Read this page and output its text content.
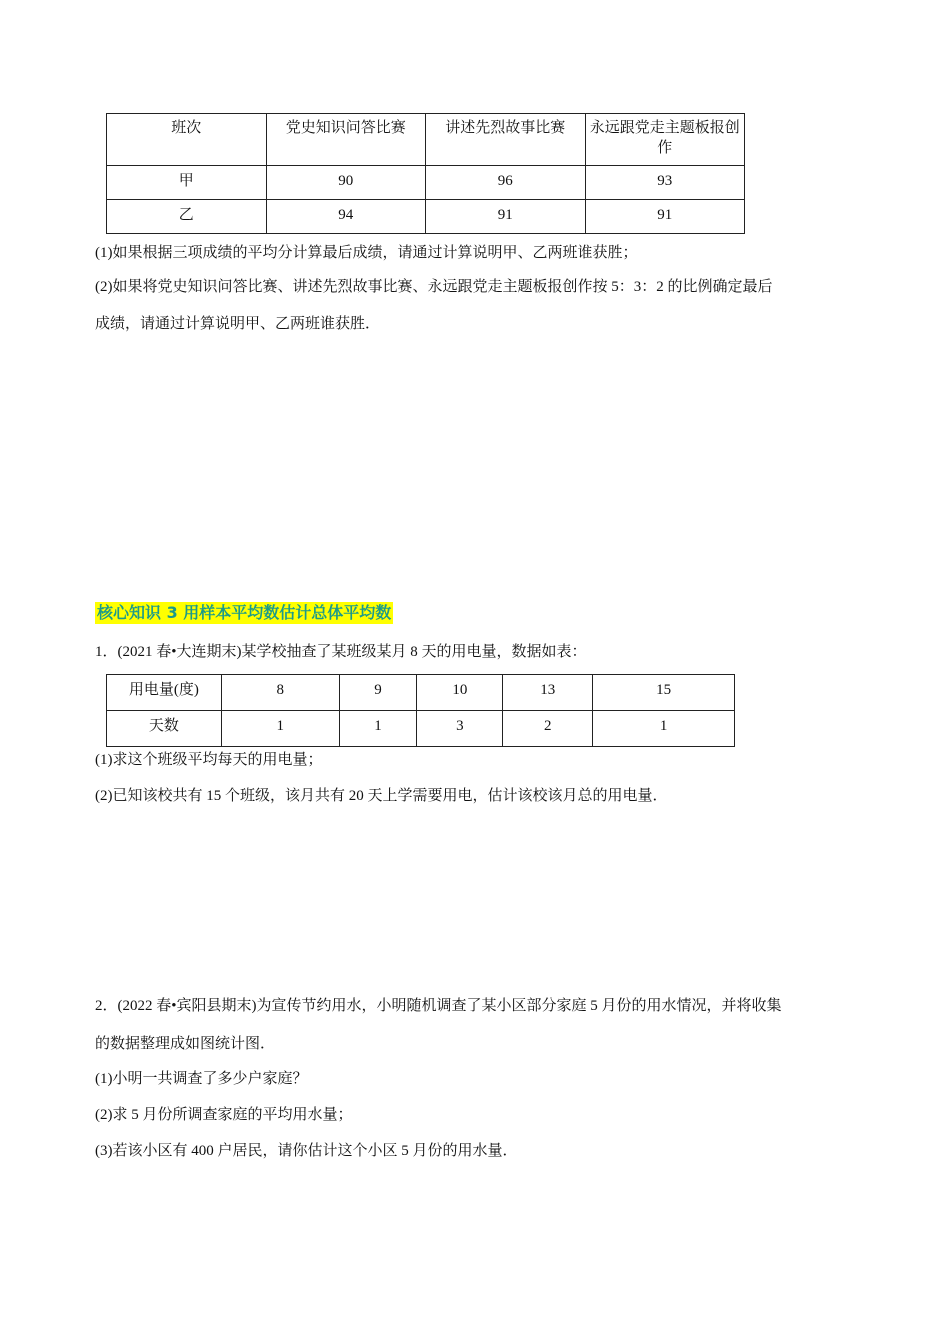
班次	党史知识问答比赛	讲述先烈故事比赛	永远跟党走主题板报创作
甲	90	96	93
乙	94	91	91
(1)如果根据三项成绩的平均分计算最后成绩，请通过计算说明甲、乙两班谁获胜；
(2)如果将党史知识问答比赛、讲述先烈故事比赛、永远跟党走主题板报创作按 5：3：2 的比例确定最后
成绩，请通过计算说明甲、乙两班谁获胜．
核心知识 3 用样本平均数估计总体平均数
1．(2021 春•大连期末)某学校抽查了某班级某月 8 天的用电量，数据如表：
用电量(度)	8	9	10	13	15
天数	1	1	3	2	1
(1)求这个班级平均每天的用电量；
(2)已知该校共有 15 个班级，该月共有 20 天上学需要用电，估计该校该月总的用电量．
2．(2022 春•宾阳县期末)为宣传节约用水，小明随机调查了某小区部分家庭 5 月份的用水情况，并将收集
的数据整理成如图统计图．
(1)小明一共调查了多少户家庭？
(2)求 5 月份所调查家庭的平均用水量；
(3)若该小区有 400 户居民，请你估计这个小区 5 月份的用水量．
